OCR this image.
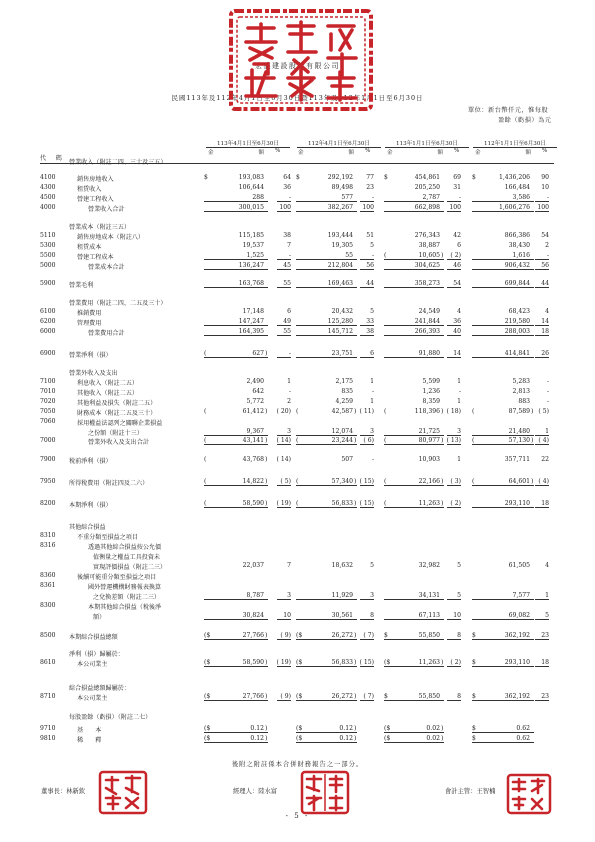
宏盛建設股份有限公司
民國113年及112年4月1日至6月30日暨113年及112年1月1日至6月30日
單位：新台幣仟元，惟每股
盈餘（虧損）為元
113年4月1日至6月30日	112年4月1日至6月30日	113年1月1日至6月30日	112年1月1日至6月30日
金 額 %	金 額 %	金 額 %	金 額 %
代 碼
營業收入（附註二四、三十及三五）
4100	銷售房地收入	$	193,083	64 $	292,192	77 $	454,861	69 $	1,436,206	90
4300	租賃收入	106,644	36	89,498	23	205,250	31	166,484	10
4500	營建工程收入	288	-	577	-	2,787	-	3,586	-
4000	營業收入合計	300,015	100	382,267	100	662,898	100	1,606,276	100
營業成本（附註三五）
5110	銷售房地成本（附註八）	115,185	38	193,444	51	276,343	42	866,386	54
5300	租賃成本	19,537	7	19,305	5	38,887	6	38,430	2
5500	營建工程成本	1,525	-	55	- (	10,605 )	( 2)	1,616	-
5000	營業成本合計	136,247	45	212,804	56	304,625	46	906,432	56
5900 營業毛利	163,768	55	169,463	44	358,273	54	699,844	44
營業費用（附註二四、二五及三十）
6100	推銷費用	17,148	6	20,432	5	24,549	4	68,423	4
6200	管理費用	147,247	49	125,280	33	241,844	36	219,580	14
6000	營業費用合計	164,395	55	145,712	38	266,393	40	288,003	18
6900 營業淨利（損）	(	627 )	-	23,751	6	91,880	14	414,841	26
營業外收入及支出
7100	利息收入（附註二五）	2,490	1	2,175	1	5,599	1	5,283	-
7010	其他收入（附註二五）	642	-	835	-	1,236	-	2,813	-
7020	其他利益及損失（附註二五）	5,772	2	4,259	1	8,359	1	883	-
7050	財務成本（附註二五及三十）	(	61,412 ) ( 20) (	42,587 ) ( 11) (	118,396 ) ( 18) (	87,589 ) ( 5)
7060	採用權益法認列之關聯企業損益
之份額（附註十三）	9,367	3	12,074	3	21,725	3	21,480	1
7000	營業外收入及支出合計	(	43,141 ) ( 14) (	23,244 )	( 6) (	80,977 ) ( 13) (	57,130 ) ( 4)
7900 稅前淨利（損）	(	43,768 ) ( 14)	507	-	10,903	1	357,711	22
7950 所得稅費用（附註四及二六）	(	14,822 )	( 5) (	57,340 ) ( 15) (	22,166 )	( 3) (	64,601 ) ( 4)
8200 本期淨利（損）	(	58,590 ) ( 19) (	56,833 ) ( 15) (	11,263 )	( 2)	293,110	18
其他綜合損益
8310	不重分類至損益之項目
8316	透過其他綜合損益按公允價
值衡量之權益工具投資未
實現評價損益（附註二三）	22,037	7	18,632	5	32,982	5	61,505	4
8360	後續可能重分類至損益之項目
8361	國外營運機構財務報表換算
之兌換差額（附註二三）	8,787	3	11,929	3	34,131	5	7,577	1
8300	本期其他綜合損益（稅後淨
額）	30,824	10	30,561	8	67,113	10	69,082	5
8500 本期綜合損益總額	($	27,766 )	( 9) ($	26,272 )	( 7) $	55,850	8 $	362,192	23
淨利（損）歸屬於：
8610	本公司業主	($	58,590 ) ( 19) ($	56,833 ) ( 15) ($	11,263 )	( 2) $	293,110	18
綜合損益總額歸屬於：
8710	本公司業主	($	27,766 )	( 9) ($	26,272 )	( 7) $	55,850	8 $	362,192	23
每股盈餘（虧損）（附註二七）
9710	基　　本	($	0.12 )	($	0.12 )	($	0.02 )	$	0.62
9810	稀　　釋	($	0.12 )	($	0.12 )	($	0.02 )	$	0.62
後附之附註係本合併財務報告之一部分。
董事長：林新欽	經理人：陸水富	會計主管：王智楠
- 5 -
